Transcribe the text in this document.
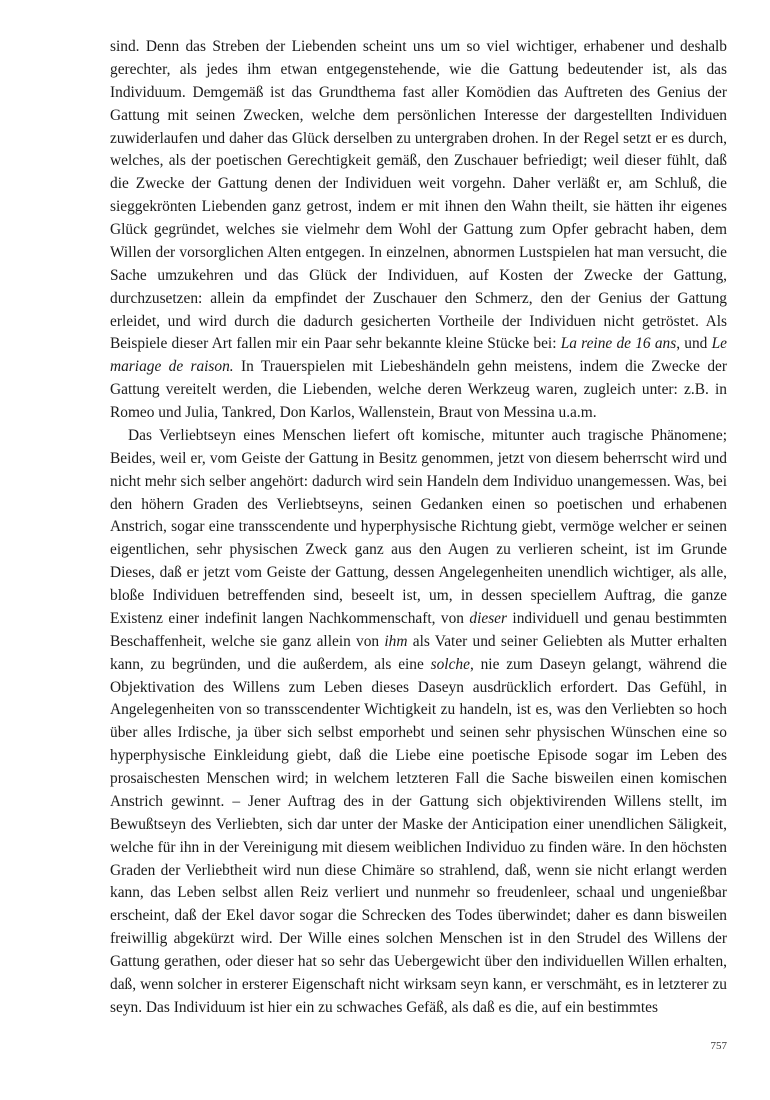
sind. Denn das Streben der Liebenden scheint uns um so viel wichtiger, erhabener und deshalb gerechter, als jedes ihm etwan entgegenstehende, wie die Gattung bedeutender ist, als das Individuum. Demgemäß ist das Grundthema fast aller Komödien das Auftreten des Genius der Gattung mit seinen Zwecken, welche dem persönlichen Interesse der dargestellten Individuen zuwiderlaufen und daher das Glück derselben zu untergraben drohen. In der Regel setzt er es durch, welches, als der poetischen Gerechtigkeit gemäß, den Zuschauer befriedigt; weil dieser fühlt, daß die Zwecke der Gattung denen der Individuen weit vorgehn. Daher verläßt er, am Schluß, die sieggekrönten Liebenden ganz getrost, indem er mit ihnen den Wahn theilt, sie hätten ihr eigenes Glück gegründet, welches sie vielmehr dem Wohl der Gattung zum Opfer gebracht haben, dem Willen der vorsorglichen Alten entgegen. In einzelnen, abnormen Lustspielen hat man versucht, die Sache umzukehren und das Glück der Individuen, auf Kosten der Zwecke der Gattung, durchzusetzen: allein da empfindet der Zuschauer den Schmerz, den der Genius der Gattung erleidet, und wird durch die dadurch gesicherten Vortheile der Individuen nicht getröstet. Als Beispiele dieser Art fallen mir ein Paar sehr bekannte kleine Stücke bei: La reine de 16 ans, und Le mariage de raison. In Trauerspielen mit Liebeshändeln gehn meistens, indem die Zwecke der Gattung vereitelt werden, die Liebenden, welche deren Werkzeug waren, zugleich unter: z.B. in Romeo und Julia, Tankred, Don Karlos, Wallenstein, Braut von Messina u.a.m.

Das Verliebtseyn eines Menschen liefert oft komische, mitunter auch tragische Phänomene; Beides, weil er, vom Geiste der Gattung in Besitz genommen, jetzt von diesem beherrscht wird und nicht mehr sich selber angehört: dadurch wird sein Handeln dem Individuo unangemessen. Was, bei den höhern Graden des Verliebtseyns, seinen Gedanken einen so poetischen und erhabenen Anstrich, sogar eine transscendente und hyperphysische Richtung giebt, vermöge welcher er seinen eigentlichen, sehr physischen Zweck ganz aus den Augen zu verlieren scheint, ist im Grunde Dieses, daß er jetzt vom Geiste der Gattung, dessen Angelegenheiten unendlich wichtiger, als alle, bloße Individuen betreffenden sind, beseelt ist, um, in dessen speciellem Auftrag, die ganze Existenz einer indefinit langen Nachkommenschaft, von dieser individuell und genau bestimmten Beschaffenheit, welche sie ganz allein von ihm als Vater und seiner Geliebten als Mutter erhalten kann, zu begründen, und die außerdem, als eine solche, nie zum Daseyn gelangt, während die Objektivation des Willens zum Leben dieses Daseyn ausdrücklich erfordert. Das Gefühl, in Angelegenheiten von so transscendenter Wichtigkeit zu handeln, ist es, was den Verliebten so hoch über alles Irdische, ja über sich selbst emporhebt und seinen sehr physischen Wünschen eine so hyperphysische Einkleidung giebt, daß die Liebe eine poetische Episode sogar im Leben des prosaischesten Menschen wird; in welchem letzteren Fall die Sache bisweilen einen komischen Anstrich gewinnt. – Jener Auftrag des in der Gattung sich objektivirenden Willens stellt, im Bewußtseyn des Verliebten, sich dar unter der Maske der Anticipation einer unendlichen Säligkeit, welche für ihn in der Vereinigung mit diesem weiblichen Individuo zu finden wäre. In den höchsten Graden der Verliebtheit wird nun diese Chimäre so strahlend, daß, wenn sie nicht erlangt werden kann, das Leben selbst allen Reiz verliert und nunmehr so freudenleer, schaal und ungenießbar erscheint, daß der Ekel davor sogar die Schrecken des Todes überwindet; daher es dann bisweilen freiwillig abgekürzt wird. Der Wille eines solchen Menschen ist in den Strudel des Willens der Gattung gerathen, oder dieser hat so sehr das Uebergewicht über den individuellen Willen erhalten, daß, wenn solcher in ersterer Eigenschaft nicht wirksam seyn kann, er verschmäht, es in letzterer zu seyn. Das Individuum ist hier ein zu schwaches Gefäß, als daß es die, auf ein bestimmtes

757
